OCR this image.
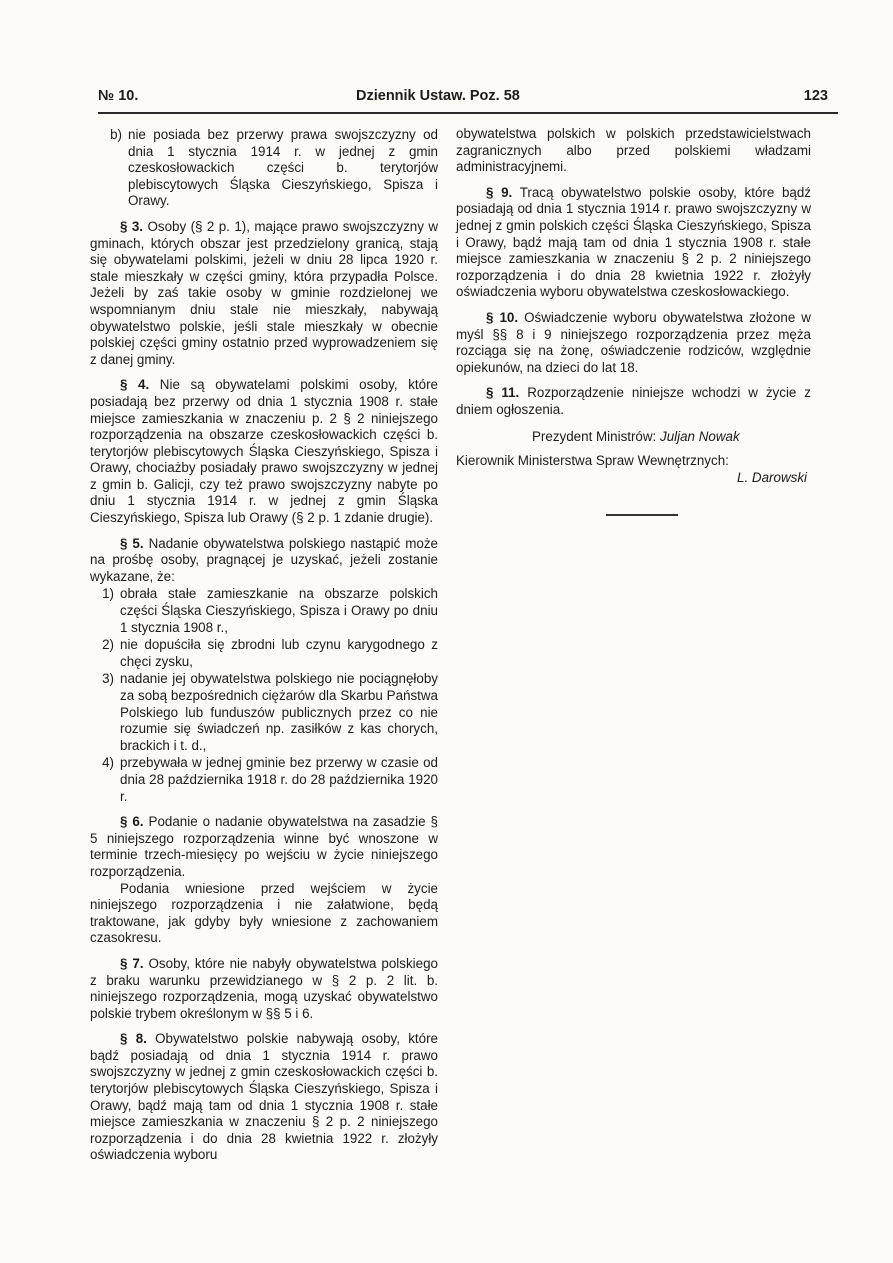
№ 10.	Dziennik Ustaw. Poz. 58	123
b) nie posiada bez przerwy prawa swojszczyzny od dnia 1 stycznia 1914 r. w jednej z gmin czeskosłowackich części b. terytorjów plebiscytowych Śląska Cieszyńskiego, Spisza i Orawy.

§ 3. Osoby (§ 2 p. 1), mające prawo swojszczyzny w gminach, których obszar jest przedzielony granicą, stają się obywatelami polskimi, jeżeli w dniu 28 lipca 1920 r. stale mieszkały w części gminy, która przypadła Polsce. Jeżeli by zaś takie osoby w gminie rozdzielonej we wspomnianym dniu stale nie mieszkały, nabywają obywatelstwo polskie, jeśli stale mieszkały w obecnie polskiej części gminy ostatnio przed wyprowadzeniem się z danej gminy.

§ 4. Nie są obywatelami polskimi osoby, które posiadają bez przerwy od dnia 1 stycznia 1908 r. stałe miejsce zamieszkania w znaczeniu p. 2 § 2 niniejszego rozporządzenia na obszarze czeskosłowackich części b. terytorjów plebiscytowych Śląska Cieszyńskiego, Spisza i Orawy, chociażby posiadały prawo swojszczyzny w jednej z gmin b. Galicji, czy też prawo swojszczyzny nabyte po dniu 1 stycznia 1914 r. w jednej z gmin Śląska Cieszyńskiego, Spisza lub Orawy (§ 2 p. 1 zdanie drugie).

§ 5. Nadanie obywatelstwa polskiego nastąpić może na prośbę osoby, pragnącej je uzyskać, jeżeli zostanie wykazane, że:

1) obrała stałe zamieszkanie na obszarze polskich części Śląska Cieszyńskiego, Spisza i Orawy po dniu 1 stycznia 1908 r.,
2) nie dopuściła się zbrodni lub czynu karygodnego z chęci zysku,
3) nadanie jej obywatelstwa polskiego nie pociągnęłoby za sobą bezpośrednich ciężarów dla Skarbu Państwa Polskiego lub funduszów publicznych przez co nie rozumie się świadczeń np. zasiłków z kas chorych, brackich i t. d.,
4) przebywała w jednej gminie bez przerwy w czasie od dnia 28 października 1918 r. do 28 października 1920 r.

§ 6. Podanie o nadanie obywatelstwa na zasadzie § 5 niniejszego rozporządzenia winne być wnoszone w terminie trzech-miesięcy po wejściu w życie niniejszego rozporządzenia.

Podania wniesione przed wejściem w życie niniejszego rozporządzenia i nie załatwione, będą traktowane, jak gdyby były wniesione z zachowaniem czasokresu.

§ 7. Osoby, które nie nabyły obywatelstwa polskiego z braku warunku przewidzianego w § 2 p. 2 lit. b. niniejszego rozporządzenia, mogą uzyskać obywatelstwo polskie trybem określonym w §§ 5 i 6.

§ 8. Obywatelstwo polskie nabywają osoby, które bądź posiadają od dnia 1 stycznia 1914 r. prawo swojszczyzny w jednej z gmin czeskosłowackich części b. terytorjów plebiscytowych Śląska Cieszyńskiego, Spisza i Orawy, bądź mają tam od dnia 1 stycznia 1908 r. stałe miejsce zamieszkania w znaczeniu § 2 p. 2 niniejszego rozporządzenia i do dnia 28 kwietnia 1922 r. złożyły oświadczenia wyboru

obywatelstwa polskich w polskich przedstawicielstwach zagranicznych albo przed polskiemi władzami administracyjnemi.

§ 9. Tracą obywatelstwo polskie osoby, które bądź posiadają od dnia 1 stycznia 1914 r. prawo swojszczyzny w jednej z gmin polskich części Śląska Cieszyńskiego, Spisza i Orawy, bądź mają tam od dnia 1 stycznia 1908 r. stałe miejsce zamieszkania w znaczeniu § 2 p. 2 niniejszego rozporządzenia i do dnia 28 kwietnia 1922 r. złożyły oświadczenia wyboru obywatelstwa czeskosłowackiego.

§ 10. Oświadczenie wyboru obywatelstwa złożone w myśl §§ 8 i 9 niniejszego rozporządzenia przez męża rozciąga się na żonę, oświadczenie rodziców, względnie opiekunów, na dzieci do lat 18.

§ 11. Rozporządzenie niniejsze wchodzi w życie z dniem ogłoszenia.

Prezydent Ministrów: Juljan Nowak

Kierownik Ministerstwa Spraw Wewnętrznych:

L. Darowski
